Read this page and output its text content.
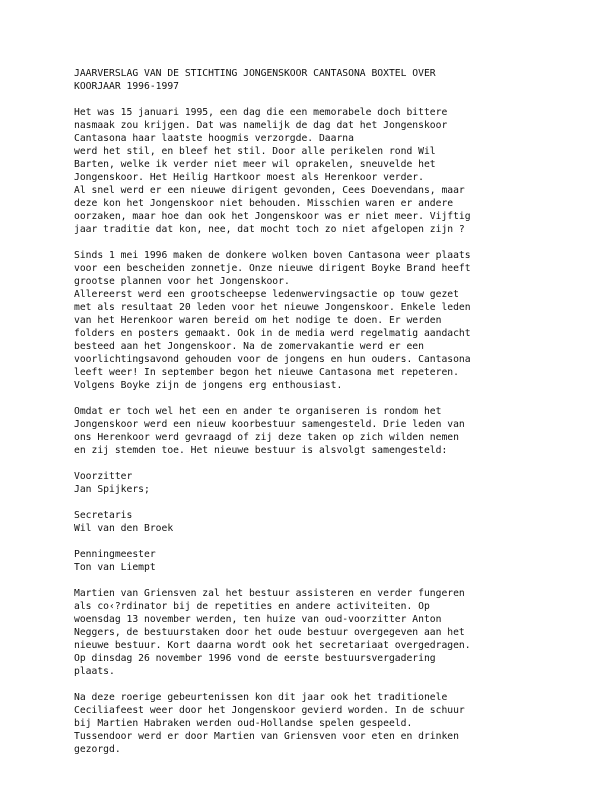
JAARVERSLAG VAN DE STICHTING JONGENSKOOR CANTASONA BOXTEL OVER
KOORJAAR 1996-1997
Het was 15 januari 1995, een dag die een memorabele doch bittere
nasmaak zou krijgen. Dat was namelijk de dag dat het Jongenskoor
Cantasona haar laatste hoogmis verzorgde. Daarna
werd het stil, en bleef het stil. Door alle perikelen rond Wil
Barten, welke ik verder niet meer wil oprakelen, sneuvelde het
Jongenskoor. Het Heilig Hartkoor moest als Herenkoor verder.
Al snel werd er een nieuwe dirigent gevonden, Cees Doevendans, maar
deze kon het Jongenskoor niet behouden. Misschien waren er andere
oorzaken, maar hoe dan ook het Jongenskoor was er niet meer. Vijftig
jaar traditie dat kon, nee, dat mocht toch zo niet afgelopen zijn ?
Sinds 1 mei 1996 maken de donkere wolken boven Cantasona weer plaats
voor een bescheiden zonnetje. Onze nieuwe dirigent Boyke Brand heeft
grootse plannen voor het Jongenskoor.
Allereerst werd een grootscheepse ledenwervingsactie op touw gezet
met als resultaat 20 leden voor het nieuwe Jongenskoor. Enkele leden
van het Herenkoor waren bereid om het nodige te doen. Er werden
folders en posters gemaakt. Ook in de media werd regelmatig aandacht
besteed aan het Jongenskoor. Na de zomervakantie werd er een
voorlichtingsavond gehouden voor de jongens en hun ouders. Cantasona
leeft weer! In september begon het nieuwe Cantasona met repeteren.
Volgens Boyke zijn de jongens erg enthousiast.
Omdat er toch wel het een en ander te organiseren is rondom het
Jongenskoor werd een nieuw koorbestuur samengesteld. Drie leden van
ons Herenkoor werd gevraagd of zij deze taken op zich wilden nemen
en zij stemden toe. Het nieuwe bestuur is alsvolgt samengesteld:
Voorzitter
Jan Spijkers;
Secretaris
Wil van den Broek
Penningmeester
Ton van Liempt
Martien van Griensven zal het bestuur assisteren en verder fungeren
als co‹?rdinator bij de repetities en andere activiteiten. Op
woensdag 13 november werden, ten huize van oud-voorzitter Anton
Neggers, de bestuurstaken door het oude bestuur overgegeven aan het
nieuwe bestuur. Kort daarna wordt ook het secretariaat overgedragen.
Op dinsdag 26 november 1996 vond de eerste bestuursvergadering
plaats.
Na deze roerige gebeurtenissen kon dit jaar ook het traditionele
Ceciliafeest weer door het Jongenskoor gevierd worden. In de schuur
bij Martien Habraken werden oud-Hollandse spelen gespeeld.
Tussendoor werd er door Martien van Griensven voor eten en drinken
gezorgd.
